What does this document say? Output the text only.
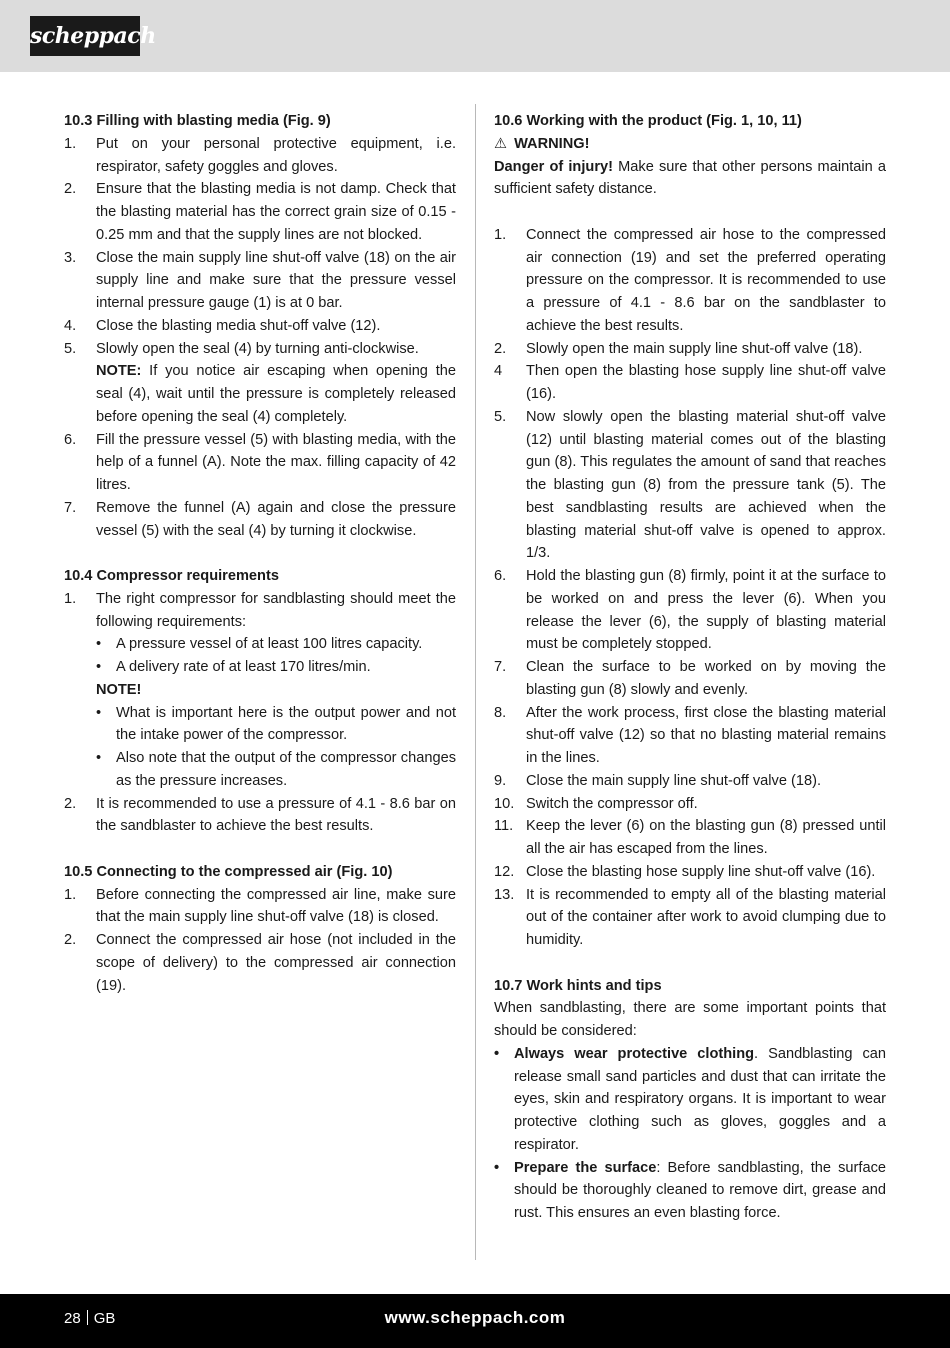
scheppach
10.3 Filling with blasting media (Fig. 9)
1.	Put on your personal protective equipment, i.e. respirator, safety goggles and gloves.
2.	Ensure that the blasting media is not damp. Check that the blasting material has the correct grain size of 0.15 - 0.25 mm and that the supply lines are not blocked.
3.	Close the main supply line shut-off valve (18) on the air supply line and make sure that the pressure vessel internal pressure gauge (1) is at 0 bar.
4.	Close the blasting media shut-off valve (12).
5.	Slowly open the seal (4) by turning anti-clockwise.
NOTE: If you notice air escaping when opening the seal (4), wait until the pressure is completely released before opening the seal (4) completely.
6.	Fill the pressure vessel (5) with blasting media, with the help of a funnel (A). Note the max. filling capacity of 42 litres.
7.	Remove the funnel (A) again and close the pressure vessel (5) with the seal (4) by turning it clockwise.
10.4 Compressor requirements
1.	The right compressor for sandblasting should meet the following requirements:
•	A pressure vessel of at least 100 litres capacity.
•	A delivery rate of at least 170 litres/min.
NOTE!
•	What is important here is the output power and not the intake power of the compressor.
•	Also note that the output of the compressor changes as the pressure increases.
2.	It is recommended to use a pressure of 4.1 - 8.6 bar on the sandblaster to achieve the best results.
10.5 Connecting to the compressed air (Fig. 10)
1.	Before connecting the compressed air line, make sure that the main supply line shut-off valve (18) is closed.
2.	Connect the compressed air hose (not included in the scope of delivery) to the compressed air connection (19).
10.6 Working with the product (Fig. 1, 10, 11)
⚠ WARNING!
Danger of injury! Make sure that other persons maintain a sufficient safety distance.
1.	Connect the compressed air hose to the compressed air connection (19) and set the preferred operating pressure on the compressor. It is recommended to use a pressure of 4.1 - 8.6 bar on the sandblaster to achieve the best results.
2.	Slowly open the main supply line shut-off valve (18).
4	Then open the blasting hose supply line shut-off valve (16).
5.	Now slowly open the blasting material shut-off valve (12) until blasting material comes out of the blasting gun (8). This regulates the amount of sand that reaches the blasting gun (8) from the pressure tank (5). The best sandblasting results are achieved when the blasting material shut-off valve is opened to approx. 1/3.
6.	Hold the blasting gun (8) firmly, point it at the surface to be worked on and press the lever (6). When you release the lever (6), the supply of blasting material must be completely stopped.
7.	Clean the surface to be worked on by moving the blasting gun (8) slowly and evenly.
8.	After the work process, first close the blasting material shut-off valve (12) so that no blasting material remains in the lines.
9.	Close the main supply line shut-off valve (18).
10. Switch the compressor off.
11. Keep the lever (6) on the blasting gun (8) pressed until all the air has escaped from the lines.
12. Close the blasting hose supply line shut-off valve (16).
13. It is recommended to empty all of the blasting material out of the container after work to avoid clumping due to humidity.
10.7 Work hints and tips
When sandblasting, there are some important points that should be considered:
•	Always wear protective clothing. Sandblasting can release small sand particles and dust that can irritate the eyes, skin and respiratory organs. It is important to wear protective clothing such as gloves, goggles and a respirator.
•	Prepare the surface: Before sandblasting, the surface should be thoroughly cleaned to remove dirt, grease and rust. This ensures an even blasting force.
28 GB	www.scheppach.com
